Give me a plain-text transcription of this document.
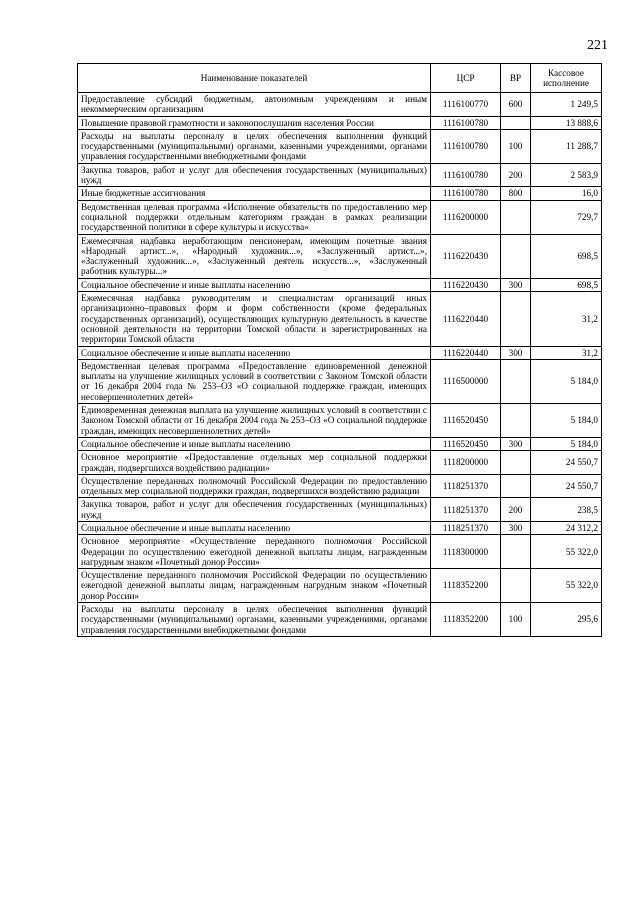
221
Наименование показателей	ЦСР	ВР	Кассовое исполнение
Предоставление субсидий бюджетным, автономным учреждениям и иным некоммерческим организациям	1116100770	600	1 249,5
Повышение правовой грамотности и законопослушания населения России	1116100780		13 888,6
Расходы на выплаты персоналу в целях обеспечения выполнения функций государственными (муниципальными) органами, казенными учреждениями, органами управления государственными внебюджетными фондами	1116100780	100	11 288,7
Закупка товаров, работ и услуг для обеспечения государственных (муниципальных) нужд	1116100780	200	2 583,9
Иные бюджетные ассигнования	1116100780	800	16,0
Ведомственная целевая программа «Исполнение обязательств по предоставлению мер социальной поддержки отдельным категориям граждан в рамках реализации государственной политики в сфере культуры и искусства»	1116200000		729,7
Ежемесячная надбавка неработающим пенсионерам, имеющим почетные звания «Народный артист...», «Народный художник...», «Заслуженный артист...», «Заслуженный художник...», «Заслуженный деятель искусств...», «Заслуженный работник культуры...»	1116220430		698,5
Социальное обеспечение и иные выплаты населению	1116220430	300	698,5
Ежемесячная надбавка руководителям и специалистам организаций иных организационно–правовых форм и форм собственности (кроме федеральных государственных организаций), осуществляющих культурную деятельность в качестве основной деятельности на территории Томской области и зарегистрированных на территории Томской области	1116220440		31,2
Социальное обеспечение и иные выплаты населению	1116220440	300	31,2
Ведомственная целевая программа «Предоставление единовременной денежной выплаты на улучшение жилищных условий в соответствии с Законом Томской области от 16 декабря 2004 года № 253–ОЗ «О социальной поддержке граждан, имеющих несовершеннолетних детей»	1116500000		5 184,0
Единовременная денежная выплата на улучшение жилищных условий в соответствии с Законом Томской области от 16 декабря 2004 года № 253–ОЗ «О социальной поддержке граждан, имеющих несовершеннолетних детей»	1116520450		5 184,0
Социальное обеспечение и иные выплаты населению	1116520450	300	5 184,0
Основное мероприятие «Предоставление отдельных мер социальной поддержки граждан, подвергшихся воздействию радиации»	1118200000		24 550,7
Осуществление переданных полномочий Российской Федерации по предоставлению отдельных мер социальной поддержки граждан, подвергшихся воздействию радиации	1118251370		24 550,7
Закупка товаров, работ и услуг для обеспечения государственных (муниципальных) нужд	1118251370	200	238,5
Социальное обеспечение и иные выплаты населению	1118251370	300	24 312,2
Основное мероприятие «Осуществление переданного полномочия Российской Федерации по осуществлению ежегодной денежной выплаты лицам, награжденным нагрудным знаком «Почетный донор России»	1118300000		55 322,0
Осуществление переданного полномочия Российской Федерации по осуществлению ежегодной денежной выплаты лицам, награжденным нагрудным знаком «Почетный донор России»	1118352200		55 322,0
Расходы на выплаты персоналу в целях обеспечения выполнения функций государственными (муниципальными) органами, казенными учреждениями, органами управления государственными внебюджетными фондами	1118352200	100	295,6
